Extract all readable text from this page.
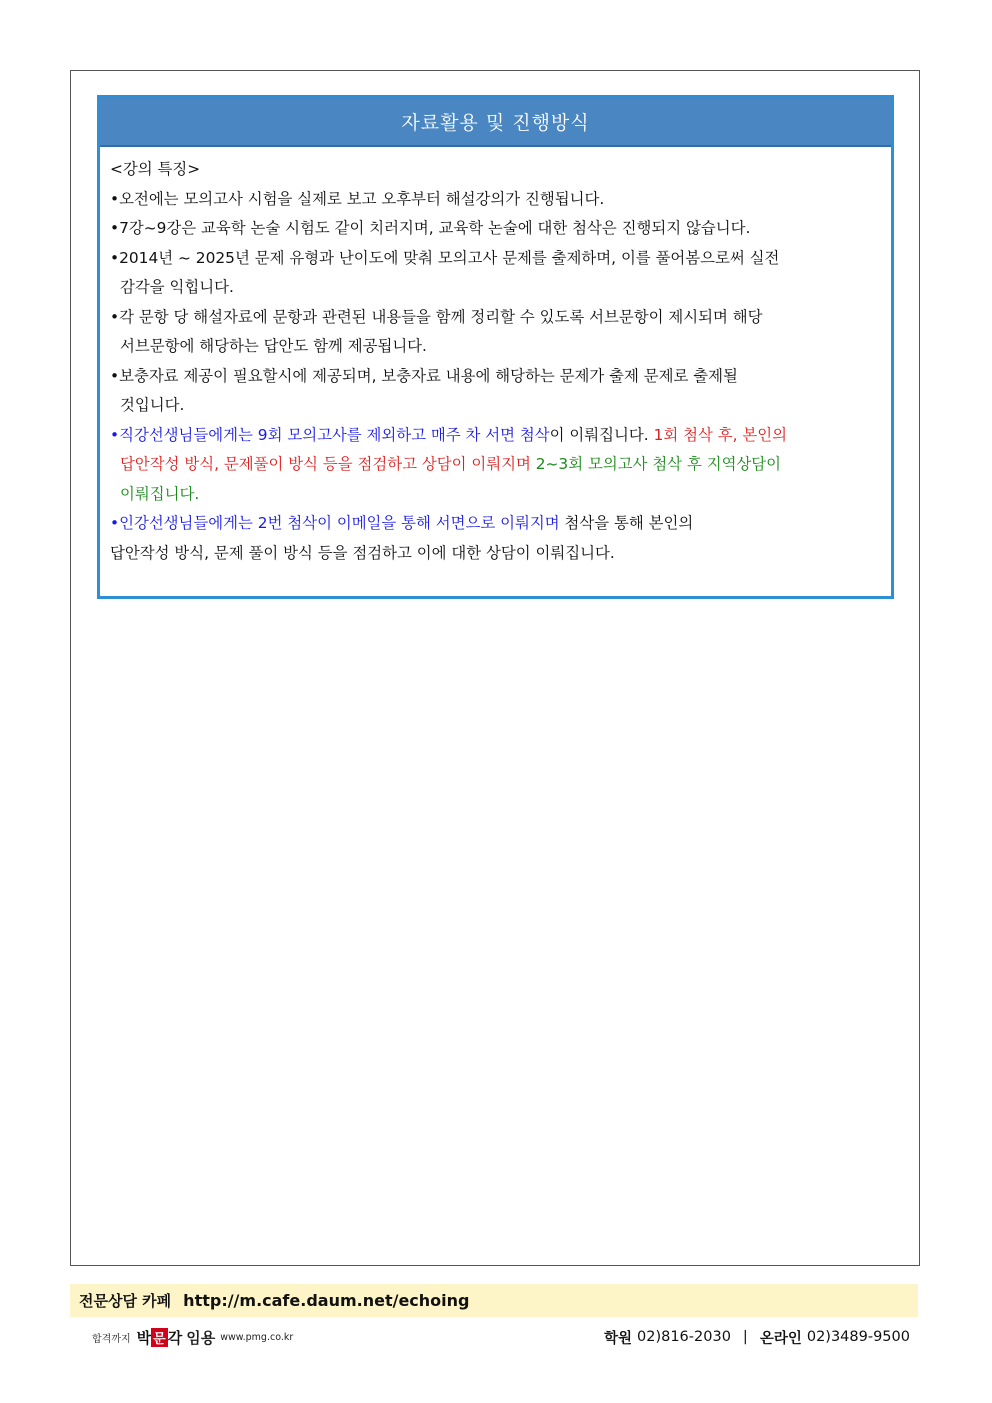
자료활용 및 진행방식
<강의 특징>
•오전에는 모의고사 시험을 실제로 보고 오후부터 해설강의가 진행됩니다.
•7강~9강은 교육학 논술 시험도 같이 치러지며, 교육학 논술에 대한 첨삭은 진행되지 않습니다.
•2014년 ~ 2025년 문제 유형과 난이도에 맞춰 모의고사 문제를 출제하며, 이를 풀어봄으로써 실전
감각을 익힙니다.
•각 문항 당 해설자료에 문항과 관련된 내용들을 함께 정리할 수 있도록 서브문항이 제시되며 해당
서브문항에 해당하는 답안도 함께 제공됩니다.
•보충자료 제공이 필요할시에 제공되며, 보충자료 내용에 해당하는 문제가 출제 문제로 출제될
것입니다.
•직강선생님들에게는 9회 모의고사를 제외하고 매주 차 서면 첨삭이 이뤄집니다. 1회 첨삭 후, 본인의
답안작성 방식, 문제풀이 방식 등을 점검하고 상담이 이뤄지며 2~3회 모의고사 첨삭 후 지역상담이
이뤄집니다.
•인강선생님들에게는 2번 첨삭이 이메일을 통해 서면으로 이뤄지며 첨삭을 통해 본인의
답안작성 방식, 문제 풀이 방식 등을 점검하고 이에 대한 상담이 이뤄집니다.
전문상담 카페 http://m.cafe.daum.net/echoing
합격까지 박 문 각 임용 www.pmg.co.kr	학원 02)816-2030 | 온라인 02)3489-9500
